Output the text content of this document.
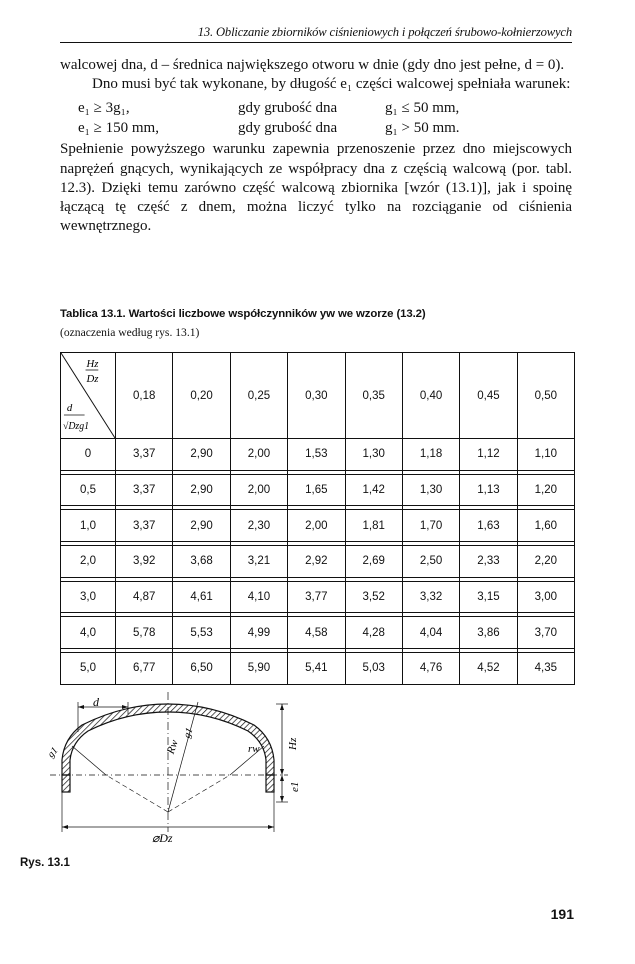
13. Obliczanie zbiorników ciśnieniowych i połączeń śrubowo-kołnierzowych

walcowej dna, d – średnica największego otworu w dnie (gdy dno jest pełne, d = 0).

Dno musi być tak wykonane, by długość e₁ części walcowej spełniała warunek:

e₁ ≥ 3g₁,	gdy grubość dna	g₁ ≤ 50 mm,
e₁ ≥ 150 mm,	gdy grubość dna	g₁ > 50 mm.

Spełnienie powyższego warunku zapewnia przenoszenie przez dno miejscowych naprężeń gnących, wynikających ze współpracy dna z częścią walcową (por. tabl. 12.3). Dzięki temu zarówno część walcową zbiornika [wzór (13.1)], jak i spoinę łączącą tę część z dnem, można liczyć tylko na rozciąganie od ciśnienia wewnętrznego.

Tablica 13.1. Wartości liczbowe współczynników yw we wzorze (13.2)
(oznaczenia według rys. 13.1)
Hz
Dz
d
√Dzg1	0,18	0,20	0,25	0,30	0,35	0,40	0,45	0,50
0	3,37	2,90	2,00	1,53	1,30	1,18	1,12	1,10

0,5	3,37	2,90	2,00	1,65	1,42	1,30	1,13	1,20

1,0	3,37	2,90	2,30	2,00	1,81	1,70	1,63	1,60

2,0	3,92	3,68	3,21	2,92	2,69	2,50	2,33	2,20

3,0	4,87	4,61	4,10	3,77	3,52	3,32	3,15	3,00

4,0	5,78	5,53	4,99	4,58	4,28	4,04	3,86	3,70

5,0	6,77	6,50	5,90	5,41	5,03	4,76	4,52	4,35
d
g1	Rw
g1
rw Hz
e1
⌀Dz
Rys. 13.1
191
